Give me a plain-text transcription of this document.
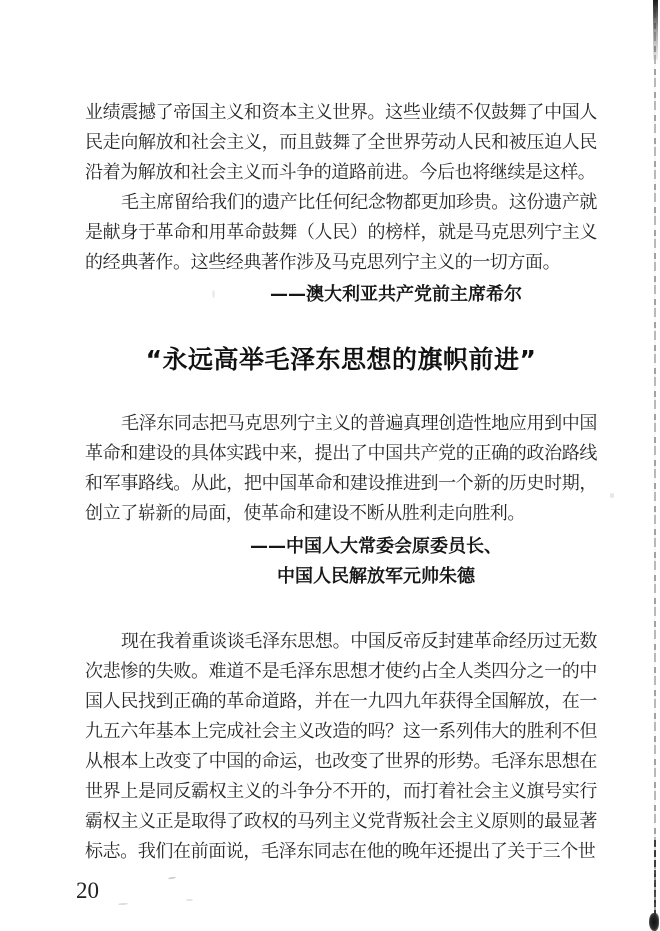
业绩震撼了帝国主义和资本主义世界。这些业绩不仅鼓舞了中国人民走向解放和社会主义，而且鼓舞了全世界劳动人民和被压迫人民沿着为解放和社会主义而斗争的道路前进。今后也将继续是这样。

毛主席留给我们的遗产比任何纪念物都更加珍贵。这份遗产就是献身于革命和用革命鼓舞（人民）的榜样，就是马克思列宁主义的经典著作。这些经典著作涉及马克思列宁主义的一切方面。

——澳大利亚共产党前主席希尔
“永远高举毛泽东思想的旗帜前进”

毛泽东同志把马克思列宁主义的普遍真理创造性地应用到中国革命和建设的具体实践中来，提出了中国共产党的正确的政治路线和军事路线。从此，把中国革命和建设推进到一个新的历史时期，创立了崭新的局面，使革命和建设不断从胜利走向胜利。

——中国人大常委会原委员长、
中国人民解放军元帅朱德

现在我着重谈谈毛泽东思想。中国反帝反封建革命经历过无数次悲惨的失败。难道不是毛泽东思想才使约占全人类四分之一的中国人民找到正确的革命道路，并在一九四九年获得全国解放，在一九五六年基本上完成社会主义改造的吗？这一系列伟大的胜利不但从根本上改变了中国的命运，也改变了世界的形势。毛泽东思想在世界上是同反霸权主义的斗争分不开的，而打着社会主义旗号实行霸权主义正是取得了政权的马列主义党背叛社会主义原则的最显著标志。我们在前面说，毛泽东同志在他的晚年还提出了关于三个世

20
